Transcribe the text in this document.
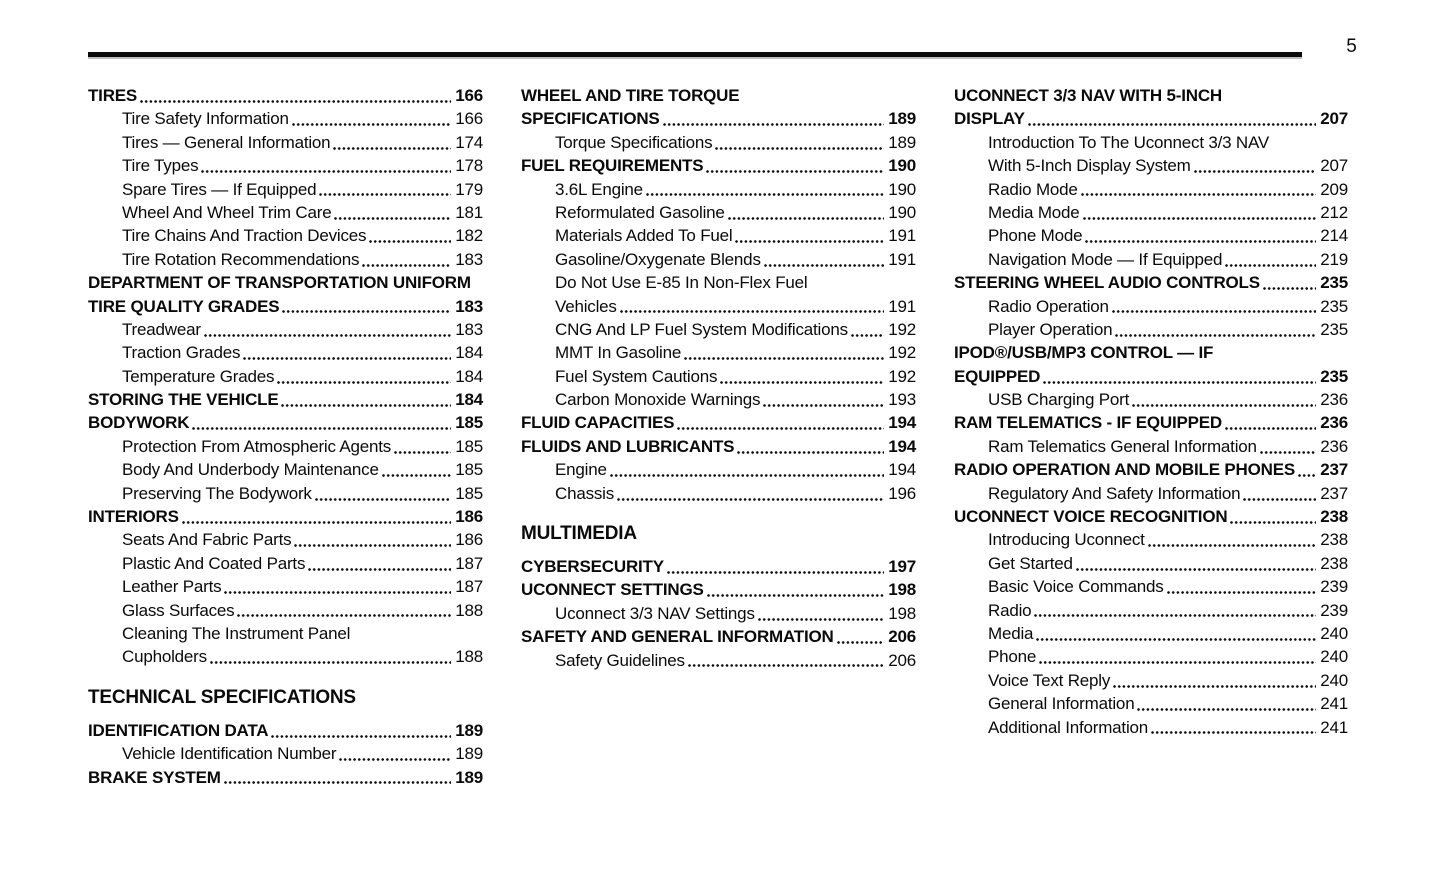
5
TIRES	166
Tire Safety Information	166
Tires — General Information	174
Tire Types	178
Spare Tires — If Equipped	179
Wheel And Wheel Trim Care	181
Tire Chains And Traction Devices	182
Tire Rotation Recommendations	183
DEPARTMENT OF TRANSPORTATION UNIFORM
TIRE QUALITY GRADES	183
Treadwear	183
Traction Grades	184
Temperature Grades	184
STORING THE VEHICLE	184
BODYWORK	185
Protection From Atmospheric Agents	185
Body And Underbody Maintenance	185
Preserving The Bodywork	185
INTERIORS	186
Seats And Fabric Parts	186
Plastic And Coated Parts	187
Leather Parts	187
Glass Surfaces	188
Cleaning The Instrument Panel
Cupholders	188
TECHNICAL SPECIFICATIONS
IDENTIFICATION DATA	189
Vehicle Identification Number	189
BRAKE SYSTEM	189
WHEEL AND TIRE TORQUE
SPECIFICATIONS	189
Torque Specifications	189
FUEL REQUIREMENTS	190
3.6L Engine	190
Reformulated Gasoline	190
Materials Added To Fuel	191
Gasoline/Oxygenate Blends	191
Do Not Use E-85 In Non-Flex Fuel
Vehicles	191
CNG And LP Fuel System Modifications 192
MMT In Gasoline	192
Fuel System Cautions	192
Carbon Monoxide Warnings	193
FLUID CAPACITIES	194
FLUIDS AND LUBRICANTS	194
Engine	194
Chassis	196
MULTIMEDIA
CYBERSECURITY	197
UCONNECT SETTINGS	198
Uconnect 3/3 NAV Settings	198
SAFETY AND GENERAL INFORMATION	206
Safety Guidelines	206
UCONNECT 3/3 NAV WITH 5-INCH
DISPLAY	207
Introduction To The Uconnect 3/3 NAV
With 5-Inch Display System	207
Radio Mode	209
Media Mode	212
Phone Mode	214
Navigation Mode — If Equipped	219
STEERING WHEEL AUDIO CONTROLS	235
Radio Operation	235
Player Operation	235
IPOD®/USB/MP3 CONTROL — IF
EQUIPPED	235
USB Charging Port	236
RAM TELEMATICS - IF EQUIPPED	236
Ram Telematics General Information	236
RADIO OPERATION AND MOBILE PHONES 237
Regulatory And Safety Information	237
UCONNECT VOICE RECOGNITION	238
Introducing Uconnect	238
Get Started	238
Basic Voice Commands	239
Radio	239
Media	240
Phone	240
Voice Text Reply	240
General Information	241
Additional Information	241
